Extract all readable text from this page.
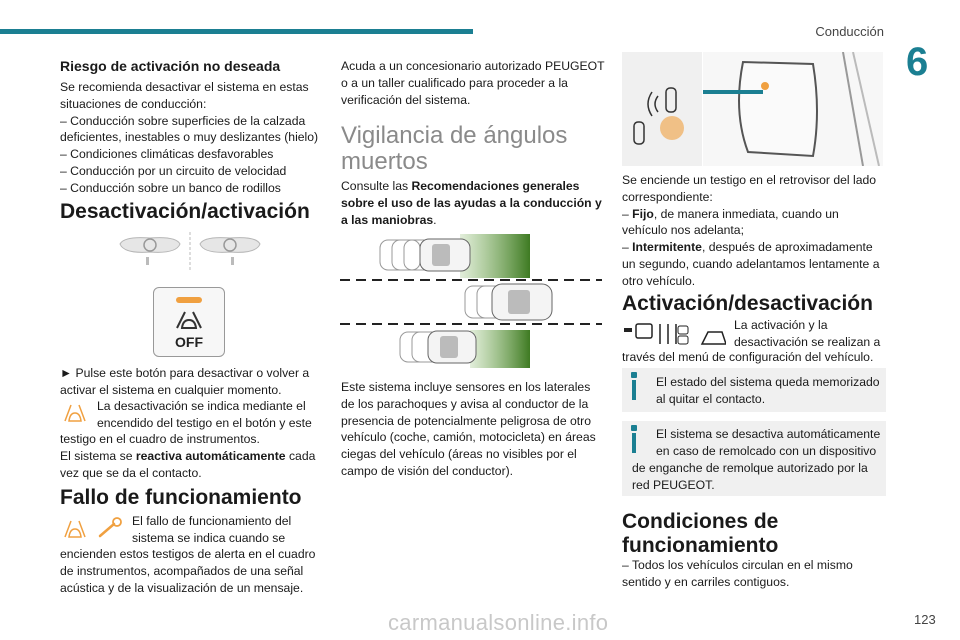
Conducción
6
Riesgo de activación no deseada
Se recomienda desactivar el sistema en estas
situaciones de conducción:
– Conducción sobre superficies de la calzada
deficientes, inestables o muy deslizantes (hielo)
– Condiciones climáticas desfavorables
– Conducción por un circuito de velocidad
– Conducción sobre un banco de rodillos
Desactivación/activación
OFF
► Pulse este botón para desactivar o volver a
activar el sistema en cualquier momento.
La desactivación se indica mediante el
encendido del testigo en el botón y este
testigo en el cuadro de instrumentos.
El sistema se reactiva automáticamente cada
vez que se da el contacto.
Fallo de funcionamiento
El fallo de funcionamiento del
sistema se indica cuando se
encienden estos testigos de alerta en el cuadro
de instrumentos, acompañados de una señal
acústica y de la visualización de un mensaje.
Acuda a un concesionario autorizado PEUGEOT
o a un taller cualificado para proceder a la
verificación del sistema.
Vigilancia de ángulos
muertos
Consulte las Recomendaciones generales
sobre el uso de las ayudas a la conducción y
a las maniobras.
Este sistema incluye sensores en los laterales
de los parachoques y avisa al conductor de la
presencia de potencialmente peligrosa de otro
vehículo (coche, camión, motocicleta) en áreas
ciegas del vehículo (áreas no visibles por el
campo de visión del conductor).
Se enciende un testigo en el retrovisor del lado
correspondiente:
– Fijo, de manera inmediata, cuando un
vehículo nos adelanta;
– Intermitente, después de aproximadamente
un segundo, cuando adelantamos lentamente a
otro vehículo.
Activación/desactivación
La activación y la
desactivación se realizan a
través del menú de configuración del vehículo.
El estado del sistema queda memorizado
al quitar el contacto.
El sistema se desactiva automáticamente
en caso de remolcado con un dispositivo
de enganche de remolque autorizado por la
red PEUGEOT.
Condiciones de
funcionamiento
– Todos los vehículos circulan en el mismo
sentido y en carriles contiguos.
carmanualsonline.info	123
